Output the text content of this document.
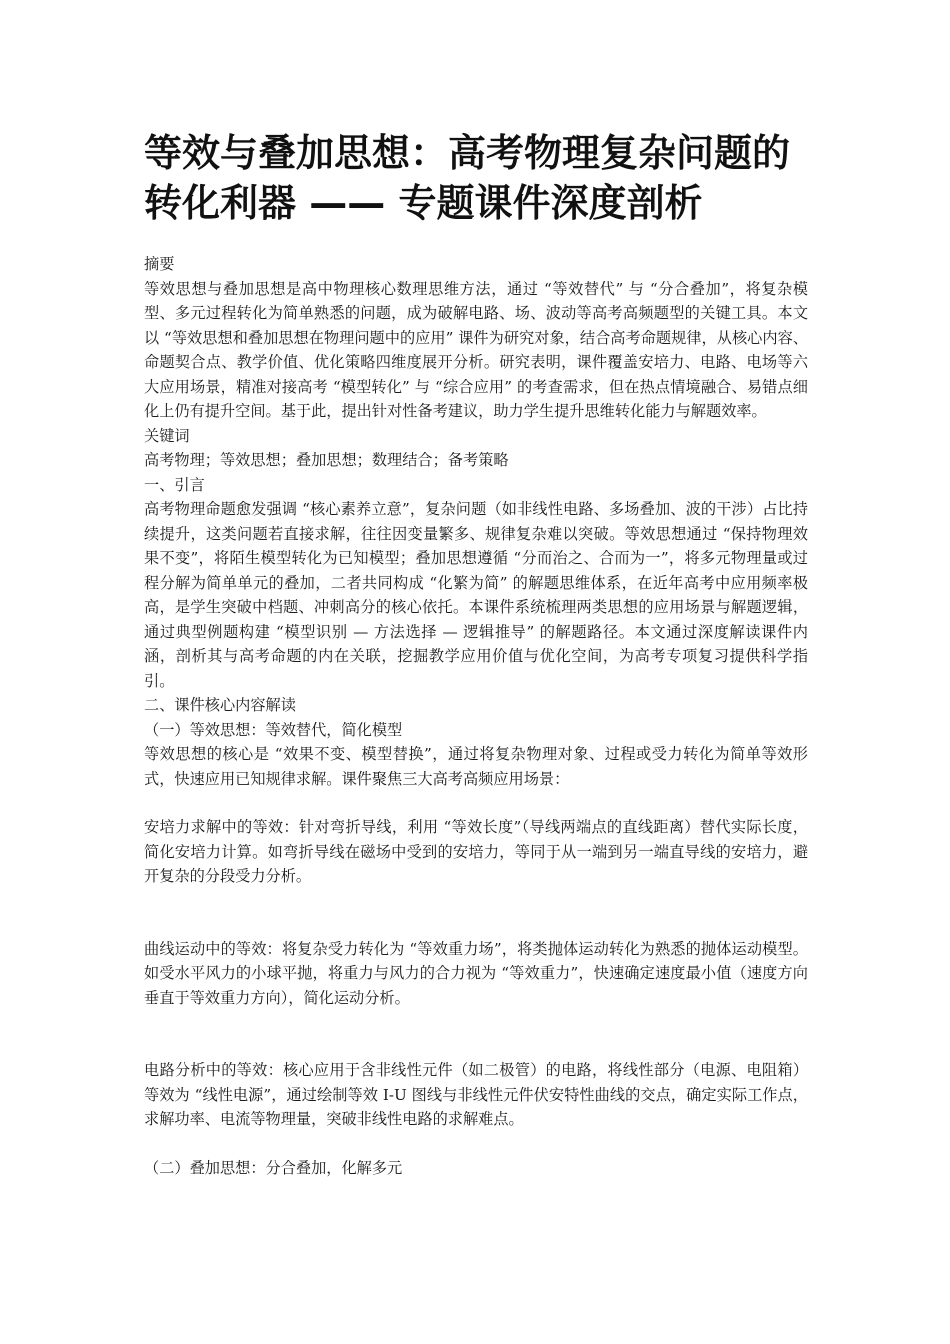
等效与叠加思想：高考物理复杂问题的转化利器 —— 专题课件深度剖析

摘要

等效思想与叠加思想是高中物理核心数理思维方法，通过 “等效替代” 与 “分合叠加”，将复杂模型、多元过程转化为简单熟悉的问题，成为破解电路、场、波动等高考高频题型的关键工具。本文以 “等效思想和叠加思想在物理问题中的应用” 课件为研究对象，结合高考命题规律，从核心内容、命题契合点、教学价值、优化策略四维度展开分析。研究表明，课件覆盖安培力、电路、电场等六大应用场景，精准对接高考 “模型转化” 与 “综合应用” 的考查需求，但在热点情境融合、易错点细化上仍有提升空间。基于此，提出针对性备考建议，助力学生提升思维转化能力与解题效率。

关键词

高考物理；等效思想；叠加思想；数理结合；备考策略

一、引言

高考物理命题愈发强调 “核心素养立意”，复杂问题（如非线性电路、多场叠加、波的干涉）占比持续提升，这类问题若直接求解，往往因变量繁多、规律复杂难以突破。等效思想通过 “保持物理效果不变”，将陌生模型转化为已知模型；叠加思想遵循 “分而治之、合而为一”，将多元物理量或过程分解为简单单元的叠加，二者共同构成 “化繁为简” 的解题思维体系，在近年高考中应用频率极高，是学生突破中档题、冲刺高分的核心依托。本课件系统梳理两类思想的应用场景与解题逻辑，通过典型例题构建 “模型识别 — 方法选择 — 逻辑推导” 的解题路径。本文通过深度解读课件内涵，剖析其与高考命题的内在关联，挖掘教学应用价值与优化空间，为高考专项复习提供科学指引。

二、课件核心内容解读

（一）等效思想：等效替代，简化模型

等效思想的核心是 “效果不变、模型替换”，通过将复杂物理对象、过程或受力转化为简单等效形式，快速应用已知规律求解。课件聚焦三大高考高频应用场景：

安培力求解中的等效：针对弯折导线，利用 “等效长度”（导线两端点的直线距离）替代实际长度，简化安培力计算。如弯折导线在磁场中受到的安培力，等同于从一端到另一端直导线的安培力，避开复杂的分段受力分析。

曲线运动中的等效：将复杂受力转化为 “等效重力场”，将类抛体运动转化为熟悉的抛体运动模型。如受水平风力的小球平抛，将重力与风力的合力视为 “等效重力”，快速确定速度最小值（速度方向垂直于等效重力方向），简化运动分析。

电路分析中的等效：核心应用于含非线性元件（如二极管）的电路，将线性部分（电源、电阻箱）等效为 “线性电源”，通过绘制等效 I-U 图线与非线性元件伏安特性曲线的交点，确定实际工作点，求解功率、电流等物理量，突破非线性电路的求解难点。

（二）叠加思想：分合叠加，化解多元
